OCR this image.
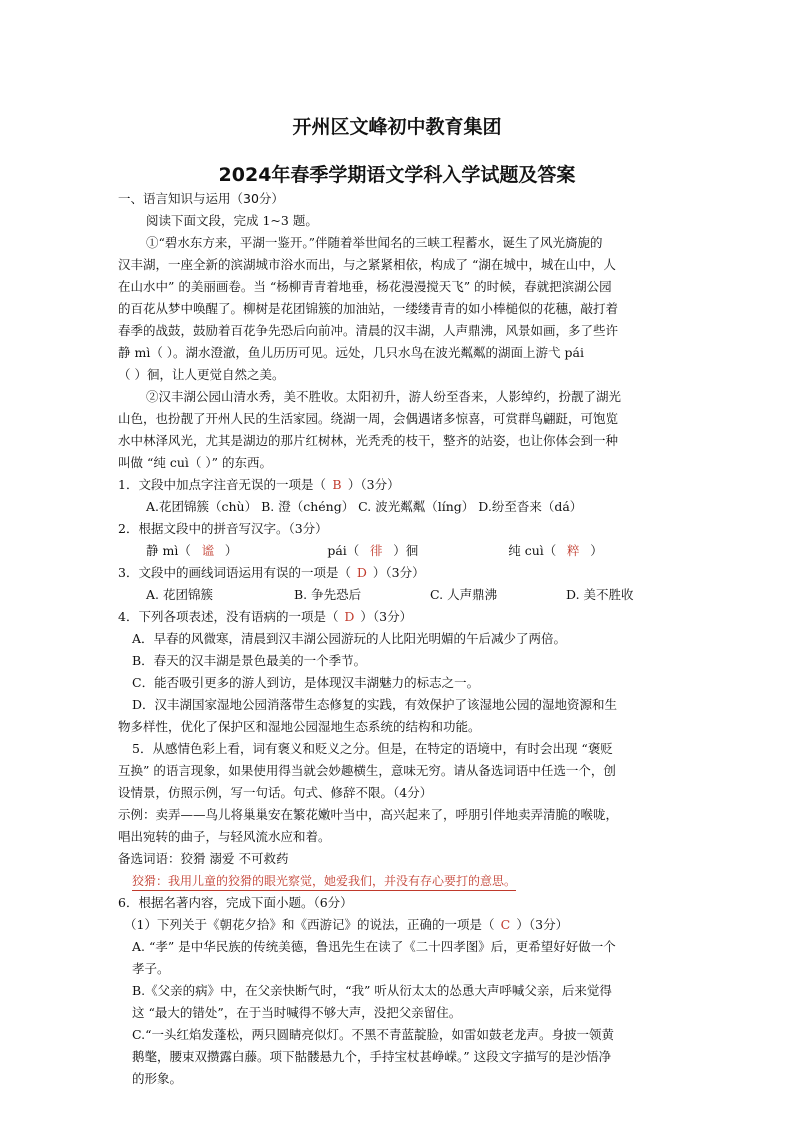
开州区文峰初中教育集团
2024年春季学期语文学科入学试题及答案
一、语言知识与运用（30分）
阅读下面文段，完成 1~3 题。
①“碧水东方来，平湖一鉴开。”伴随着举世闻名的三峡工程蓄水，诞生了风光旖旎的
汉丰湖，一座全新的滨湖城市浴水而出，与之紧紧相依，构成了 “湖在城中，城在山中，人
在山水中” 的美丽画卷。当 “杨柳青青着地垂，杨花漫漫搅天飞” 的时候，春就把滨湖公园
的百花从梦中唤醒了。柳树是花团锦簇的加油站，一缕缕青青的如小棒槌似的花穗，敲打着
春季的战鼓，鼓励着百花争先恐后向前冲。清晨的汉丰湖，人声鼎沸，风景如画，多了些许
静 mì（ ）。湖水澄澈，鱼儿历历可见。远处，几只水鸟在波光粼粼的湖面上游弋 pái
（ ）徊，让人更觉自然之美。
②汉丰湖公园山清水秀，美不胜收。太阳初升，游人纷至沓来，人影绰约，扮靓了湖光
山色，也扮靓了开州人民的生活家园。绕湖一周，会偶遇诸多惊喜，可赏群鸟翩跹，可饱览
水中林泽风光，尤其是湖边的那片红树林，光秃秃的枝干，整齐的站姿，也让你体会到一种
叫做 “纯 cuì（ ）” 的东西。
1．文段中加点字注音无误的一项是（ B ）（3分）
A.花团锦簇（chù） B. 澄（chéng） C. 波光粼粼（líng） D.纷至沓来（dá）
2．根据文段中的拼音写汉字。（3分）
静 mì（ 谧 ）	pái（ 徘 ）徊	纯 cuì（ 粹 ）
3．文段中的画线词语运用有误的一项是（ D ）（3分）
A. 花团锦簇	B. 争先恐后	C. 人声鼎沸	D. 美不胜收
4．下列各项表述，没有语病的一项是（ D ）（3分）
A．早春的风微寒，清晨到汉丰湖公园游玩的人比阳光明媚的午后减少了两倍。
B．春天的汉丰湖是景色最美的一个季节。
C．能否吸引更多的游人到访，是体现汉丰湖魅力的标志之一。
D．汉丰湖国家湿地公园消落带生态修复的实践，有效保护了该湿地公园的湿地资源和生
物多样性，优化了保护区和湿地公园湿地生态系统的结构和功能。
5．从感情色彩上看，词有褒义和贬义之分。但是，在特定的语境中，有时会出现 “褒贬
互换” 的语言现象，如果使用得当就会妙趣横生，意味无穷。请从备选词语中任选一个，创
设情景，仿照示例，写一句话。句式、修辞不限。（4分）
示例：卖弄——鸟儿将巢巢安在繁花嫩叶当中，高兴起来了，呼朋引伴地卖弄清脆的喉咙，
唱出宛转的曲子，与轻风流水应和着。
备选词语：狡猾 溺爱 不可救药
狡猾：我用儿童的狡猾的眼光察觉，她爱我们，并没有存心要打的意思。
6．根据名著内容，完成下面小题。（6分）
（1）下列关于《朝花夕拾》和《西游记》的说法，正确的一项是（ C ）（3分）
A. “孝” 是中华民族的传统美德，鲁迅先生在读了《二十四孝图》后，更希望好好做一个
孝子。
B.《父亲的病》中，在父亲快断气时，“我” 听从衍太太的怂恿大声呼喊父亲，后来觉得
这 “最大的错处”，在于当时喊得不够大声，没把父亲留住。
C.“一头红焰发蓬松，两只圆睛亮似灯。不黑不青蓝靛脸，如雷如鼓老龙声。身披一领黄
鹅氅，腰束双攒露白藤。项下骷髅悬九个，手持宝杖甚峥嵘。” 这段文字描写的是沙悟净
的形象。
